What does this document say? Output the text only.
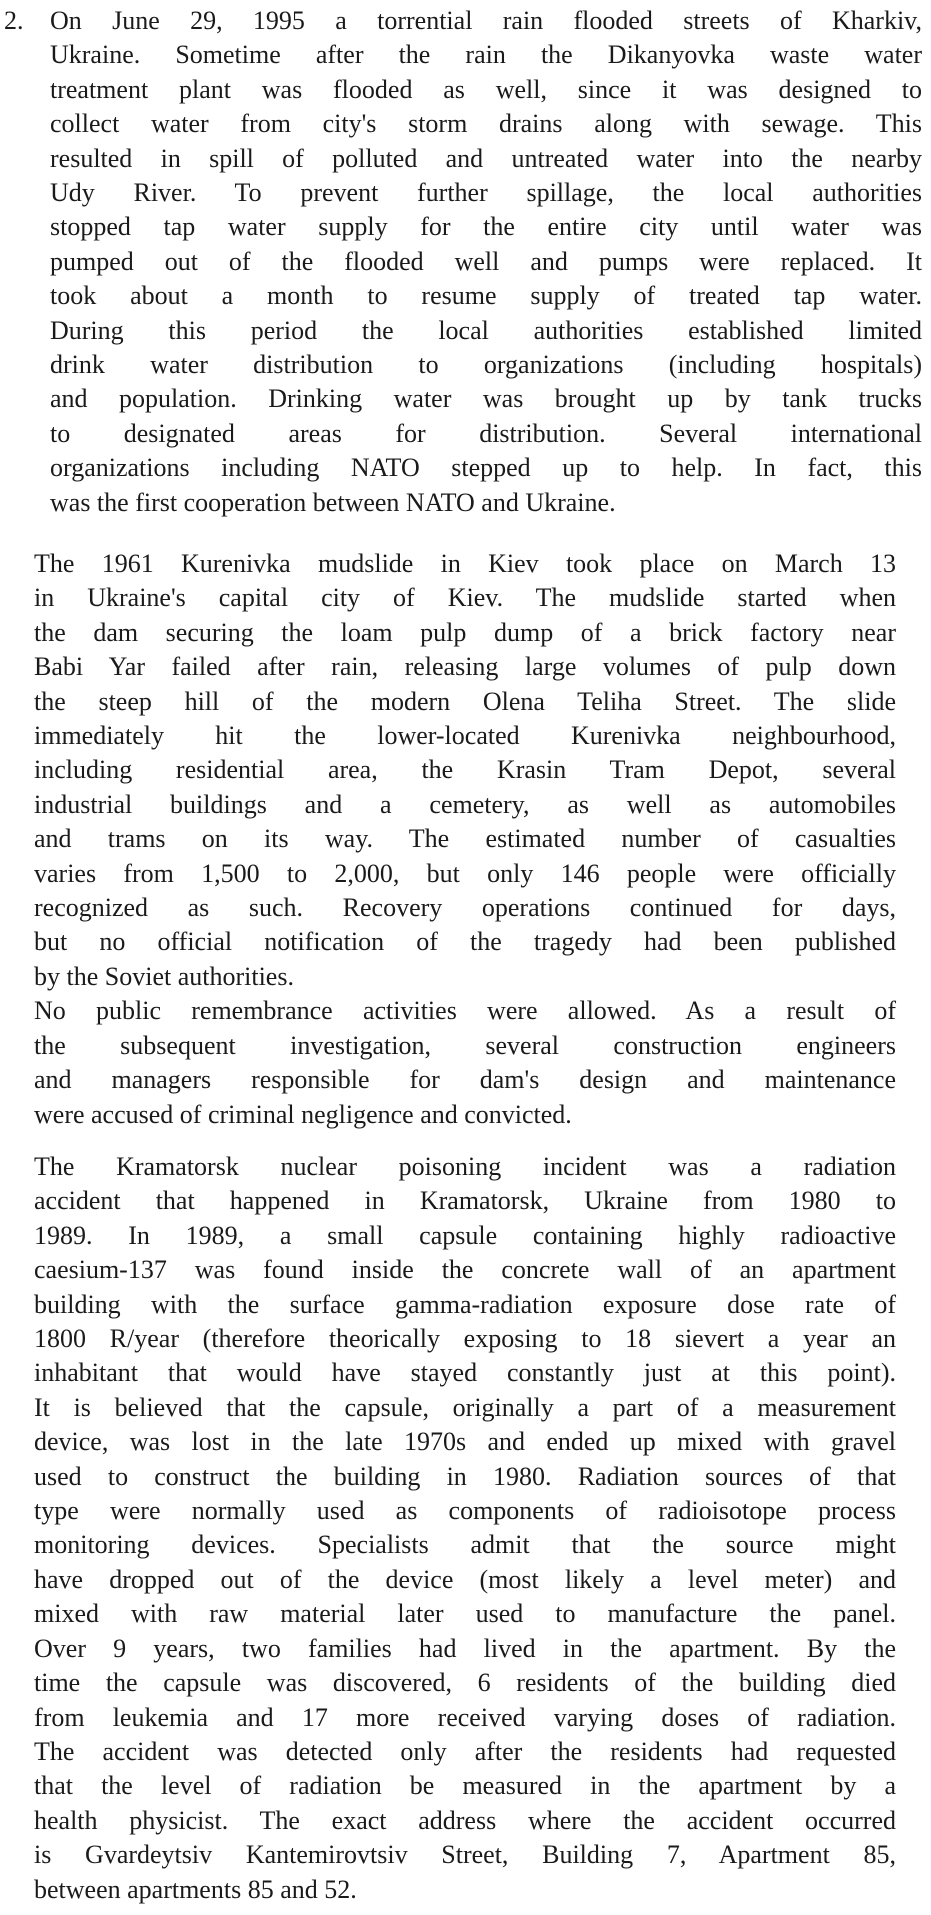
2. On June 29, 1995 a torrential rain flooded streets of Kharkiv,
Ukraine. Sometime after the rain the Dikanyovka waste water
treatment plant was flooded as well, since it was designed to
collect water from city's storm drains along with sewage. This
resulted in spill of polluted and untreated water into the nearby
Udy River. To prevent further spillage, the local authorities
stopped tap water supply for the entire city until water was
pumped out of the flooded well and pumps were replaced. It
took about a month to resume supply of treated tap water.
During this period the local authorities established limited
drink water distribution to organizations (including hospitals)
and population. Drinking water was brought up by tank trucks
to designated areas for distribution. Several international
organizations including NATO stepped up to help. In fact, this
was the first cooperation between NATO and Ukraine.
The 1961 Kurenivka mudslide in Kiev took place on March 13
in Ukraine's capital city of Kiev. The mudslide started when
the dam securing the loam pulp dump of a brick factory near
Babi Yar failed after rain, releasing large volumes of pulp down
the steep hill of the modern Olena Teliha Street. The slide
immediately hit the lower-located Kurenivka neighbourhood,
including residential area, the Krasin Tram Depot, several
industrial buildings and a cemetery, as well as automobiles
and trams on its way. The estimated number of casualties
varies from 1,500 to 2,000, but only 146 people were officially
recognized as such. Recovery operations continued for days,
but no official notification of the tragedy had been published
by the Soviet authorities.
No public remembrance activities were allowed. As a result of
the subsequent investigation, several construction engineers
and managers responsible for dam's design and maintenance
were accused of criminal negligence and convicted.
The Kramatorsk nuclear poisoning incident was a radiation
accident that happened in Kramatorsk, Ukraine from 1980 to
1989. In 1989, a small capsule containing highly radioactive
caesium-137 was found inside the concrete wall of an apartment
building with the surface gamma-radiation exposure dose rate of
1800 R/year (therefore theorically exposing to 18 sievert a year an
inhabitant that would have stayed constantly just at this point).
It is believed that the capsule, originally a part of a measurement
device, was lost in the late 1970s and ended up mixed with gravel
used to construct the building in 1980. Radiation sources of that
type were normally used as components of radioisotope process
monitoring devices. Specialists admit that the source might
have dropped out of the device (most likely a level meter) and
mixed with raw material later used to manufacture the panel.
Over 9 years, two families had lived in the apartment. By the
time the capsule was discovered, 6 residents of the building died
from leukemia and 17 more received varying doses of radiation.
The accident was detected only after the residents had requested
that the level of radiation be measured in the apartment by a
health physicist. The exact address where the accident occurred
is Gvardeytsiv Kantemirovtsiv Street, Building 7, Apartment 85,
between apartments 85 and 52.
